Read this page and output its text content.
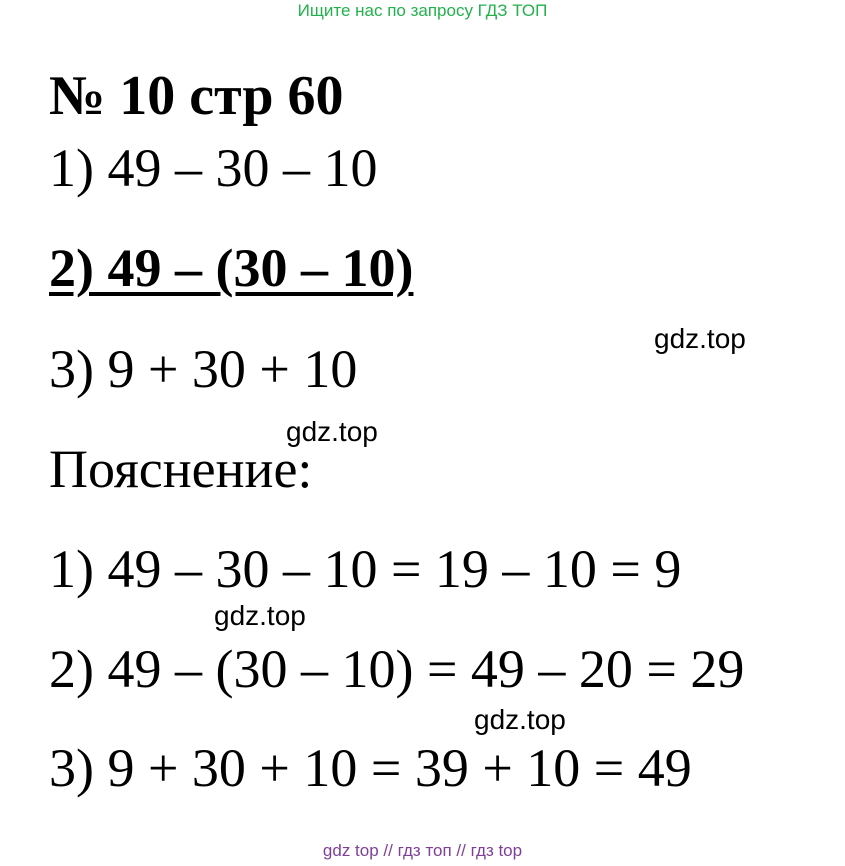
Ищите нас по запросу ГДЗ ТОП
№ 10 стр 60
1) 49 – 30 – 10
2) 49 – (30 – 10)
3) 9 + 30 + 10
gdz.top
gdz.top
Пояснение:
1) 49 – 30 – 10 = 19 – 10 = 9
gdz.top
2) 49 – (30 – 10) = 49 – 20 = 29
gdz.top
3) 9 + 30 + 10 = 39 + 10 = 49
gdz top // гдз топ // гдз top
